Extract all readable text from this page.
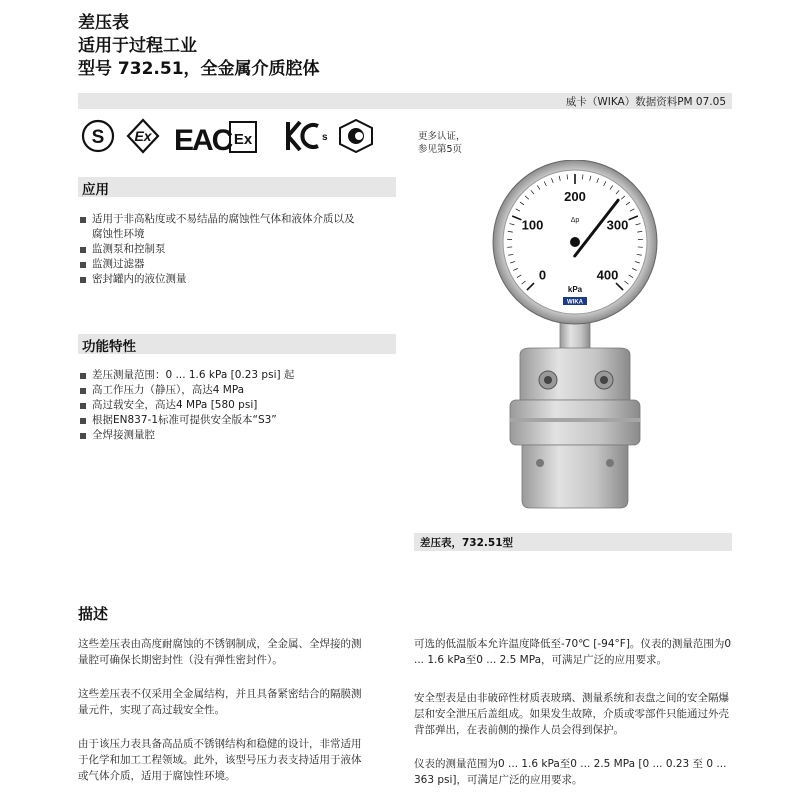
差压表
适用于过程工业
型号 732.51，全金属介质腔体
威卡（WIKA）数据资料PM 07.05
S Ex EAC Ex	s	更多认证，
参见第5页
应用
适用于非高粘度或不易结晶的腐蚀性气体和液体介质以及
腐蚀性环境
监测泵和控制泵
监测过滤器
密封罐内的液位测量
功能特性
差压测量范围：0 ... 1.6 kPa [0.23 psi] 起
高工作压力（静压），高达4 MPa
高过载安全，高达4 MPa [580 psi]
根据EN837-1标准可提供安全版本“S3”
全焊接测量腔
0
100
200
300
400
Δp
kPa
WIKA
差压表，732.51型
描述

这些差压表由高度耐腐蚀的不锈钢制成，全金属、全焊接的测量腔可确保长期密封性（没有弹性密封件）。

这些差压表不仅采用全金属结构，并且具备紧密结合的隔膜测量元件，实现了高过载安全性。

由于该压力表具备高品质不锈钢结构和稳健的设计，非常适用于化学和加工工程领域。此外，该型号压力表支持适用于液体或气体介质，适用于腐蚀性环境。

可选的低温版本允许温度降低至-70℃ [-94°F]。仪表的测量范围为0 ... 1.6 kPa至0 ... 2.5 MPa，可满足广泛的应用要求。

安全型表是由非破碎性材质表玻璃、测量系统和表盘之间的安全隔爆层和安全泄压后盖组成。如果发生故障，介质或零部件只能通过外壳背部弹出，在表前侧的操作人员会得到保护。

仪表的测量范围为0 ... 1.6 kPa至0 ... 2.5 MPa [0 ... 0.23 至 0 ... 363 psi]，可满足广泛的应用要求。
